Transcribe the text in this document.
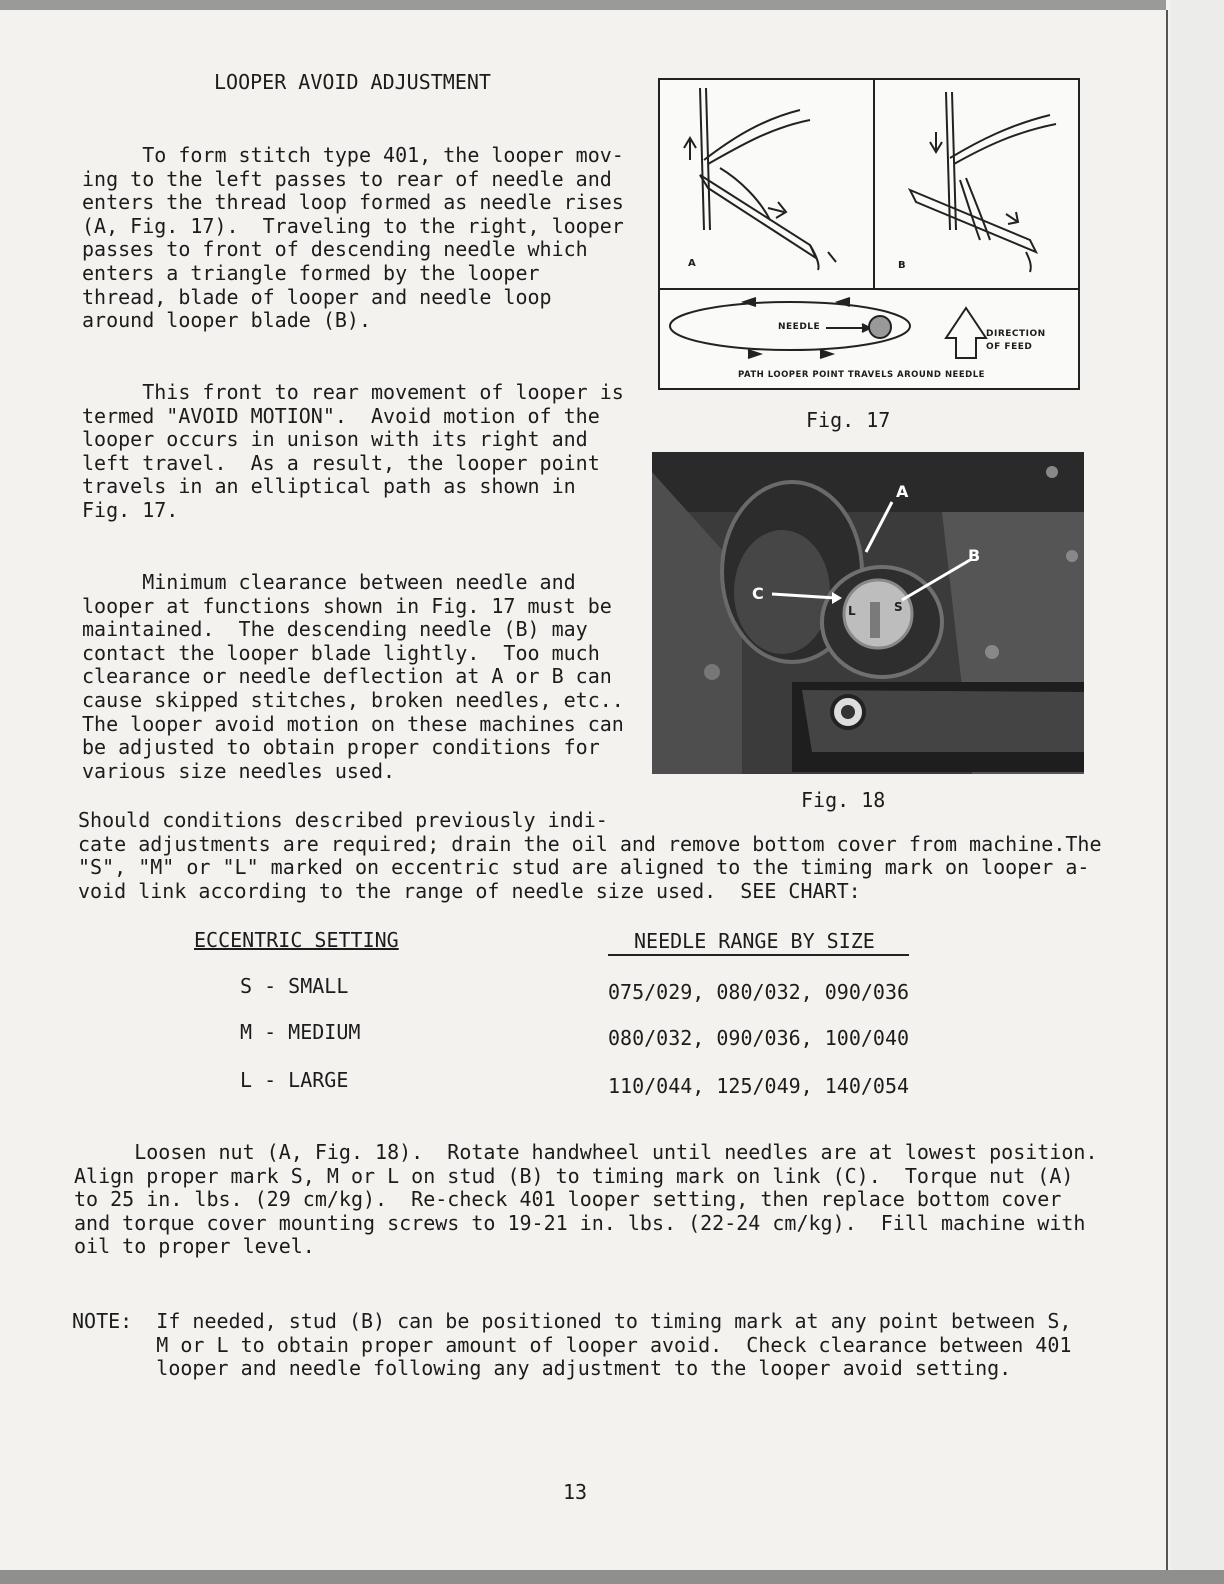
LOOPER AVOID ADJUSTMENT
To form stitch type 401, the looper mov-
ing to the left passes to rear of needle and
enters the thread loop formed as needle rises
(A, Fig. 17).  Traveling to the right, looper
passes to front of descending needle which
enters a triangle formed by the looper
thread, blade of looper and needle loop
around looper blade (B).
This front to rear movement of looper is
termed "AVOID MOTION".  Avoid motion of the
looper occurs in unison with its right and
left travel.  As a result, the looper point
travels in an elliptical path as shown in
Fig. 17.
Minimum clearance between needle and
looper at functions shown in Fig. 17 must be
maintained.  The descending needle (B) may
contact the looper blade lightly.  Too much
clearance or needle deflection at A or B can
cause skipped stitches, broken needles, etc..
The looper avoid motion on these machines can
be adjusted to obtain proper conditions for
various size needles used.
Should conditions described previously indi-
cate adjustments are required; drain the oil and remove bottom cover from machine.The
"S", "M" or "L" marked on eccentric stud are aligned to the timing mark on looper a-
void link according to the range of needle size used.  SEE CHART:
A	B
NEEDLE
DIRECTION
OF FEED
PATH LOOPER POINT TRAVELS AROUND NEEDLE
Fig. 17
A
B
C
L	S
Fig. 18
ECCENTRIC SETTING	NEEDLE RANGE BY SIZE
S - SMALL	075/029, 080/032, 090/036
M - MEDIUM	080/032, 090/036, 100/040
L - LARGE	110/044, 125/049, 140/054
Loosen nut (A, Fig. 18).  Rotate handwheel until needles are at lowest position.
Align proper mark S, M or L on stud (B) to timing mark on link (C).  Torque nut (A)
to 25 in. lbs. (29 cm/kg).  Re-check 401 looper setting, then replace bottom cover
and torque cover mounting screws to 19-21 in. lbs. (22-24 cm/kg).  Fill machine with
oil to proper level.
NOTE:  If needed, stud (B) can be positioned to timing mark at any point between S,
M or L to obtain proper amount of looper avoid.  Check clearance between 401
looper and needle following any adjustment to the looper avoid setting.
13
